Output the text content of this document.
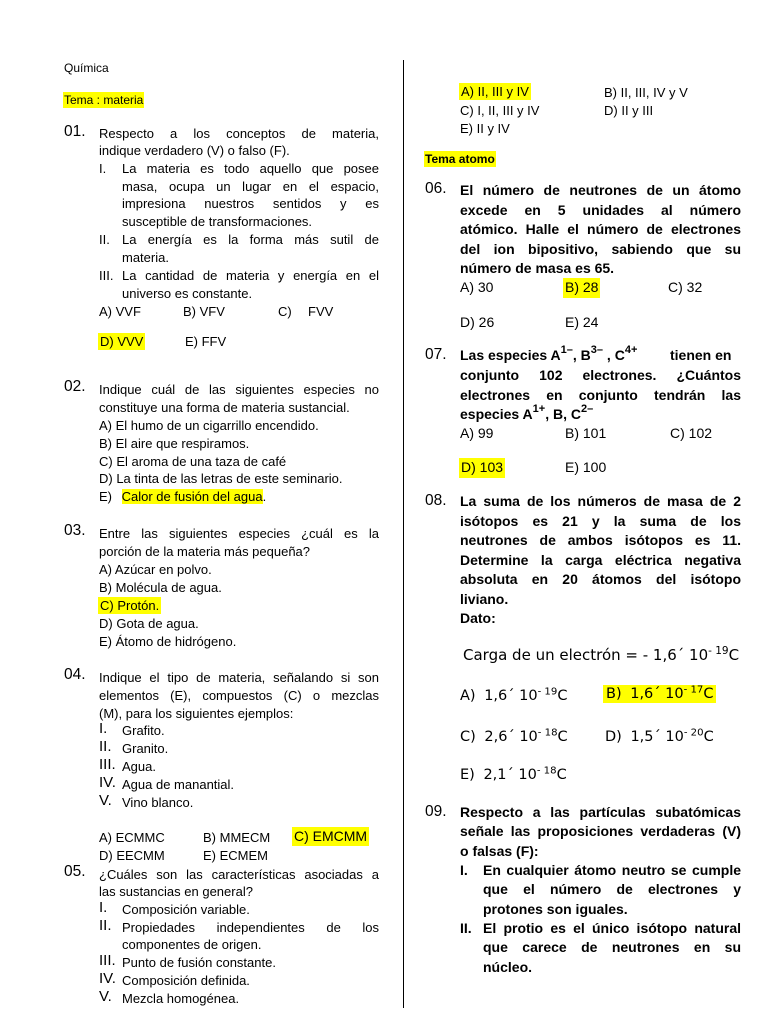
Química
Tema : materia
01. Respecto a los conceptos de materia,
indique verdadero (V) o falso (F).
I. La materia es todo aquello que posee
masa, ocupa un lugar en el espacio,
impresiona nuestros sentidos y es
susceptible de transformaciones.
II. La energía es la forma más sutil de
materia.
III. La cantidad de materia y energía en el
universo es constante.
A) VVF	B) VFV	C) FVV
D) VVV	E) FFV
02. Indique cuál de las siguientes especies no
constituye una forma de materia sustancial.
A) El humo de un cigarrillo encendido.
B) El aire que respiramos.
C) El aroma de una taza de café
D) La tinta de las letras de este seminario.
E) Calor de fusión del agua.
03. Entre las siguientes especies ¿cuál es la
porción de la materia más pequeña?
A) Azúcar en polvo.
B) Molécula de agua.
C) Protón.
D) Gota de agua.
E) Átomo de hidrógeno.
04. Indique el tipo de materia, señalando si son
elementos (E), compuestos (C) o mezclas
(M), para los siguientes ejemplos:
I. Grafito.
II. Granito.
III. Agua.
IV. Agua de manantial.
V. Vino blanco.
A) ECMMC	B) MMECM C) EMCMM
D) EECMM	E) ECMEM
05. ¿Cuáles son las características asociadas a
las sustancias en general?
I. Composición variable.
II. Propiedades independientes de los
componentes de origen.
III. Punto de fusión constante.
IV. Composición definida.
V. Mezcla homogénea.
A) II, III y IV	B) II, III, IV y V
C) I, II, III y IV	D) II y III
E) II y IV
Tema atomo
06. El número de neutrones de un átomo
excede en 5 unidades al número
atómico. Halle el número de electrones
del ion bipositivo, sabiendo que su
número de masa es 65.
A) 30	B) 28	C) 32
D) 26	E) 24
07. Las especies $A^{1-}$, $B^{3-}$ , $C^{4+}$ tienen en
conjunto 102 electrones. ¿Cuántos
electrones en conjunto tendrán las
especies $A^{1+}$, B, $C^{2-}$
A) 99	B) 101	C) 102
D) 103	E) 100
08. La suma de los números de masa de 2
isótopos es 21 y la suma de los
neutrones de ambos isótopos es 11.
Determine la carga eléctrica negativa
absoluta en 20 átomos del isótopo
liviano.
Dato:
Carga de un electrón = - 1,6´ $10^{- 19}C$
A) 1,6´ $10^{- 19}C$	B) 1,6´ $10^{- 17}C$
C) 2,6´ $10^{- 18}C$	D) 1,5´ $10^{- 20}C$
E) 2,1´ $10^{- 18}C$
09. Respecto a las partículas subatómicas
señale las proposiciones verdaderas (V)
o falsas (F):
I. En cualquier átomo neutro se cumple
que el número de electrones y
protones son iguales.
II. El protio es el único isótopo natural
que carece de neutrones en su
núcleo.
